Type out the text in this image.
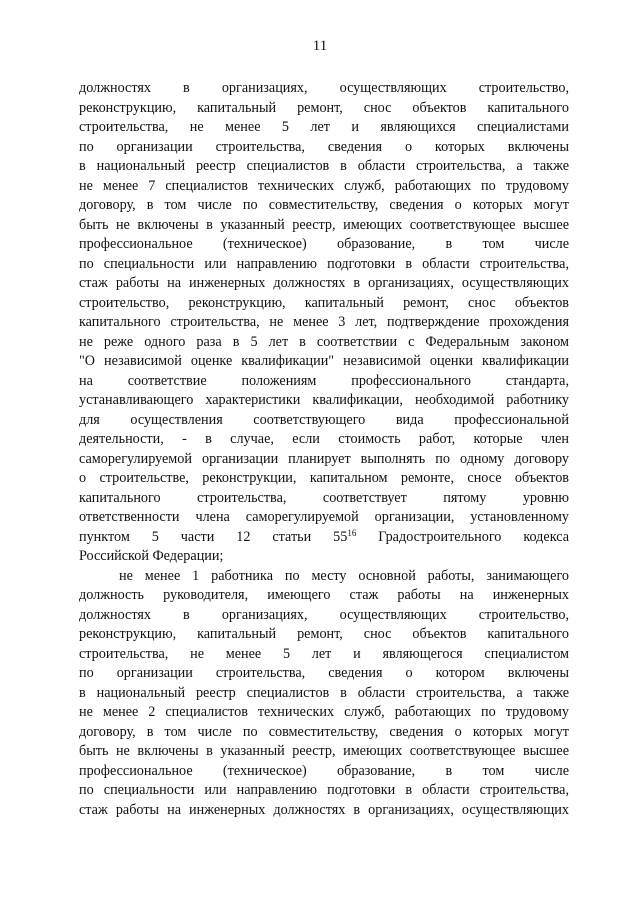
11
должностях в организациях, осуществляющих строительство,
реконструкцию, капитальный ремонт, снос объектов капитального
строительства, не менее 5 лет и являющихся специалистами
по организации строительства, сведения о которых включены
в национальный реестр специалистов в области строительства, а также
не менее 7 специалистов технических служб, работающих по трудовому
договору, в том числе по совместительству, сведения о которых могут
быть не включены в указанный реестр, имеющих соответствующее высшее
профессиональное (техническое) образование, в том числе
по специальности или направлению подготовки в области строительства,
стаж работы на инженерных должностях в организациях, осуществляющих
строительство, реконструкцию, капитальный ремонт, снос объектов
капитального строительства, не менее 3 лет, подтверждение прохождения
не реже одного раза в 5 лет в соответствии с Федеральным законом
"О независимой оценке квалификации" независимой оценки квалификации
на соответствие положениям профессионального стандарта,
устанавливающего характеристики квалификации, необходимой работнику
для осуществления соответствующего вида профессиональной
деятельности, - в случае, если стоимость работ, которые член
саморегулируемой организации планирует выполнять по одному договору
о строительстве, реконструкции, капитальном ремонте, сносе объектов
капитального строительства, соответствует пятому уровню
ответственности члена саморегулируемой организации, установленному
пунктом 5 части 12 статьи $55^{16}$ Градостроительного кодекса
Российской Федерации;
не менее 1 работника по месту основной работы, занимающего
должность руководителя, имеющего стаж работы на инженерных
должностях в организациях, осуществляющих строительство,
реконструкцию, капитальный ремонт, снос объектов капитального
строительства, не менее 5 лет и являющегося специалистом
по организации строительства, сведения о котором включены
в национальный реестр специалистов в области строительства, а также
не менее 2 специалистов технических служб, работающих по трудовому
договору, в том числе по совместительству, сведения о которых могут
быть не включены в указанный реестр, имеющих соответствующее высшее
профессиональное (техническое) образование, в том числе
по специальности или направлению подготовки в области строительства,
стаж работы на инженерных должностях в организациях, осуществляющих
